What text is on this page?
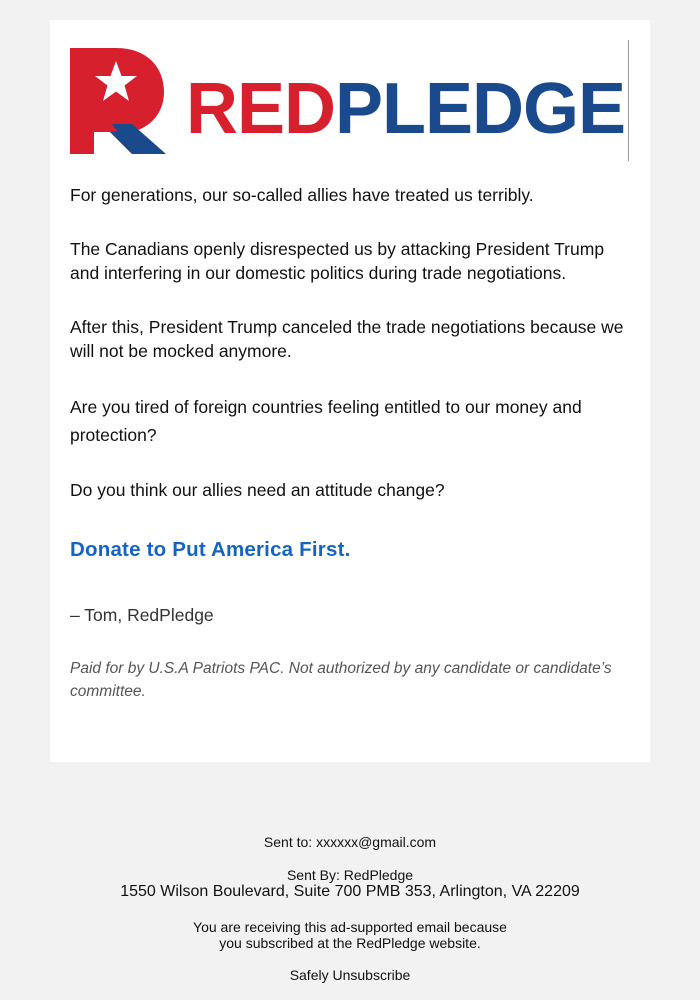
REDPLEDGE

For generations, our so-called allies have treated us terribly.

The Canadians openly disrespected us by attacking President Trump and interfering in our domestic politics during trade negotiations.

After this, President Trump canceled the trade negotiations because we will not be mocked anymore.

Are you tired of foreign countries feeling entitled to our money and protection?

Do you think our allies need an attitude change?

Donate to Put America First.

– Tom, RedPledge

Paid for by U.S.A Patriots PAC. Not authorized by any candidate or candidate’s committee.

Sent to: xxxxxx@gmail.com
Sent By: RedPledge
1550 Wilson Boulevard, Suite 700 PMB 353, Arlington, VA 22209
You are receiving this ad-supported email because
you subscribed at the RedPledge website.
Safely Unsubscribe
